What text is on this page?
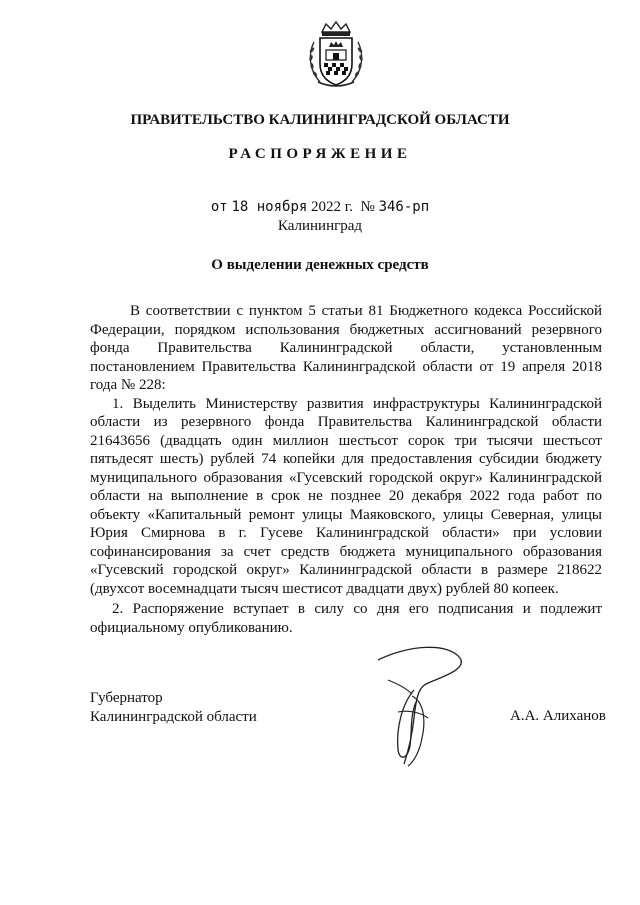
ПРАВИТЕЛЬСТВО КАЛИНИНГРАДСКОЙ ОБЛАСТИ
РАСПОРЯЖЕНИЕ
от 18 ноября 2022 г. № 346-рп
Калининград
О выделении денежных средств

В соответствии с пунктом 5 статьи 81 Бюджетного кодекса Российской Федерации, порядком использования бюджетных ассигнований резервного фонда Правительства Калининградской области, установленным постановлением Правительства Калининградской области от 19 апреля 2018 года № 228:

1. Выделить Министерству развития инфраструктуры Калининградской области из резервного фонда Правительства Калининградской области 21643656 (двадцать один миллион шестьсот сорок три тысячи шестьсот пятьдесят шесть) рублей 74 копейки для предоставления субсидии бюджету муниципального образования «Гусевский городской округ» Калининградской области на выполнение в срок не позднее 20 декабря 2022 года работ по объекту «Капитальный ремонт улицы Маяковского, улицы Северная, улицы Юрия Смирнова в г. Гусеве Калининградской области» при условии софинансирования за счет средств бюджета муниципального образования «Гусевский городской округ» Калининградской области в размере 218622 (двухсот восемнадцати тысяч шестисот двадцати двух) рублей 80 копеек.

2. Распоряжение вступает в силу со дня его подписания и подлежит официальному опубликованию.

Губернатор
Калининградской области	А.А. Алиханов
